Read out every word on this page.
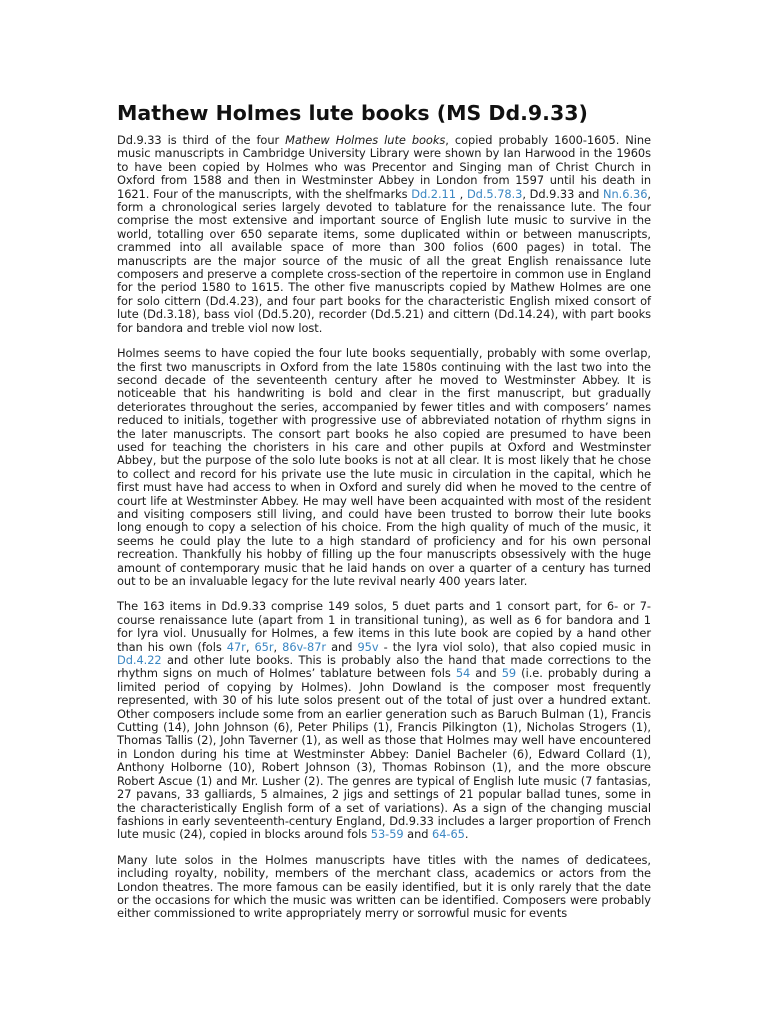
Mathew Holmes lute books (MS Dd.9.33)

Dd.9.33 is third of the four Mathew Holmes lute books, copied probably 1600-1605. Nine music manuscripts in Cambridge University Library were shown by Ian Harwood in the 1960s to have been copied by Holmes who was Precentor and Singing man of Christ Church in Oxford from 1588 and then in Westminster Abbey in London from 1597 until his death in 1621. Four of the manuscripts, with the shelfmarks Dd.2.11 , Dd.5.78.3, Dd.9.33 and Nn.6.36, form a chronological series largely devoted to tablature for the renaissance lute. The four comprise the most extensive and important source of English lute music to survive in the world, totalling over 650 separate items, some duplicated within or between manuscripts, crammed into all available space of more than 300 folios (600 pages) in total. The manuscripts are the major source of the music of all the great English renaissance lute composers and preserve a complete cross-section of the repertoire in common use in England for the period 1580 to 1615. The other five manuscripts copied by Mathew Holmes are one for solo cittern (Dd.4.23), and four part books for the characteristic English mixed consort of lute (Dd.3.18), bass viol (Dd.5.20), recorder (Dd.5.21) and cittern (Dd.14.24), with part books for bandora and treble viol now lost.

Holmes seems to have copied the four lute books sequentially, probably with some overlap, the first two manuscripts in Oxford from the late 1580s continuing with the last two into the second decade of the seventeenth century after he moved to Westminster Abbey. It is noticeable that his handwriting is bold and clear in the first manuscript, but gradually deteriorates throughout the series, accompanied by fewer titles and with composers’ names reduced to initials, together with progressive use of abbreviated notation of rhythm signs in the later manuscripts. The consort part books he also copied are presumed to have been used for teaching the choristers in his care and other pupils at Oxford and Westminster Abbey, but the purpose of the solo lute books is not at all clear. It is most likely that he chose to collect and record for his private use the lute music in circulation in the capital, which he first must have had access to when in Oxford and surely did when he moved to the centre of court life at Westminster Abbey. He may well have been acquainted with most of the resident and visiting composers still living, and could have been trusted to borrow their lute books long enough to copy a selection of his choice. From the high quality of much of the music, it seems he could play the lute to a high standard of proficiency and for his own personal recreation. Thankfully his hobby of filling up the four manuscripts obsessively with the huge amount of contemporary music that he laid hands on over a quarter of a century has turned out to be an invaluable legacy for the lute revival nearly 400 years later.

The 163 items in Dd.9.33 comprise 149 solos, 5 duet parts and 1 consort part, for 6- or 7-course renaissance lute (apart from 1 in transitional tuning), as well as 6 for bandora and 1 for lyra viol. Unusually for Holmes, a few items in this lute book are copied by a hand other than his own (fols 47r, 65r, 86v-87r and 95v - the lyra viol solo), that also copied music in Dd.4.22 and other lute books. This is probably also the hand that made corrections to the rhythm signs on much of Holmes’ tablature between fols 54 and 59 (i.e. probably during a limited period of copying by Holmes). John Dowland is the composer most frequently represented, with 30 of his lute solos present out of the total of just over a hundred extant. Other composers include some from an earlier generation such as Baruch Bulman (1), Francis Cutting (14), John Johnson (6), Peter Philips (1), Francis Pilkington (1), Nicholas Strogers (1), Thomas Tallis (2), John Taverner (1), as well as those that Holmes may well have encountered in London during his time at Westminster Abbey: Daniel Bacheler (6), Edward Collard (1), Anthony Holborne (10), Robert Johnson (3), Thomas Robinson (1), and the more obscure Robert Ascue (1) and Mr. Lusher (2). The genres are typical of English lute music (7 fantasias, 27 pavans, 33 galliards, 5 almaines, 2 jigs and settings of 21 popular ballad tunes, some in the characteristically English form of a set of variations). As a sign of the changing muscial fashions in early seventeenth-century England, Dd.9.33 includes a larger proportion of French lute music (24), copied in blocks around fols 53-59 and 64-65.

Many lute solos in the Holmes manuscripts have titles with the names of dedicatees, including royalty, nobility, members of the merchant class, academics or actors from the London theatres. The more famous can be easily identified, but it is only rarely that the date or the occasions for which the music was written can be identified. Composers were probably either commissioned to write appropriately merry or sorrowful music for events
